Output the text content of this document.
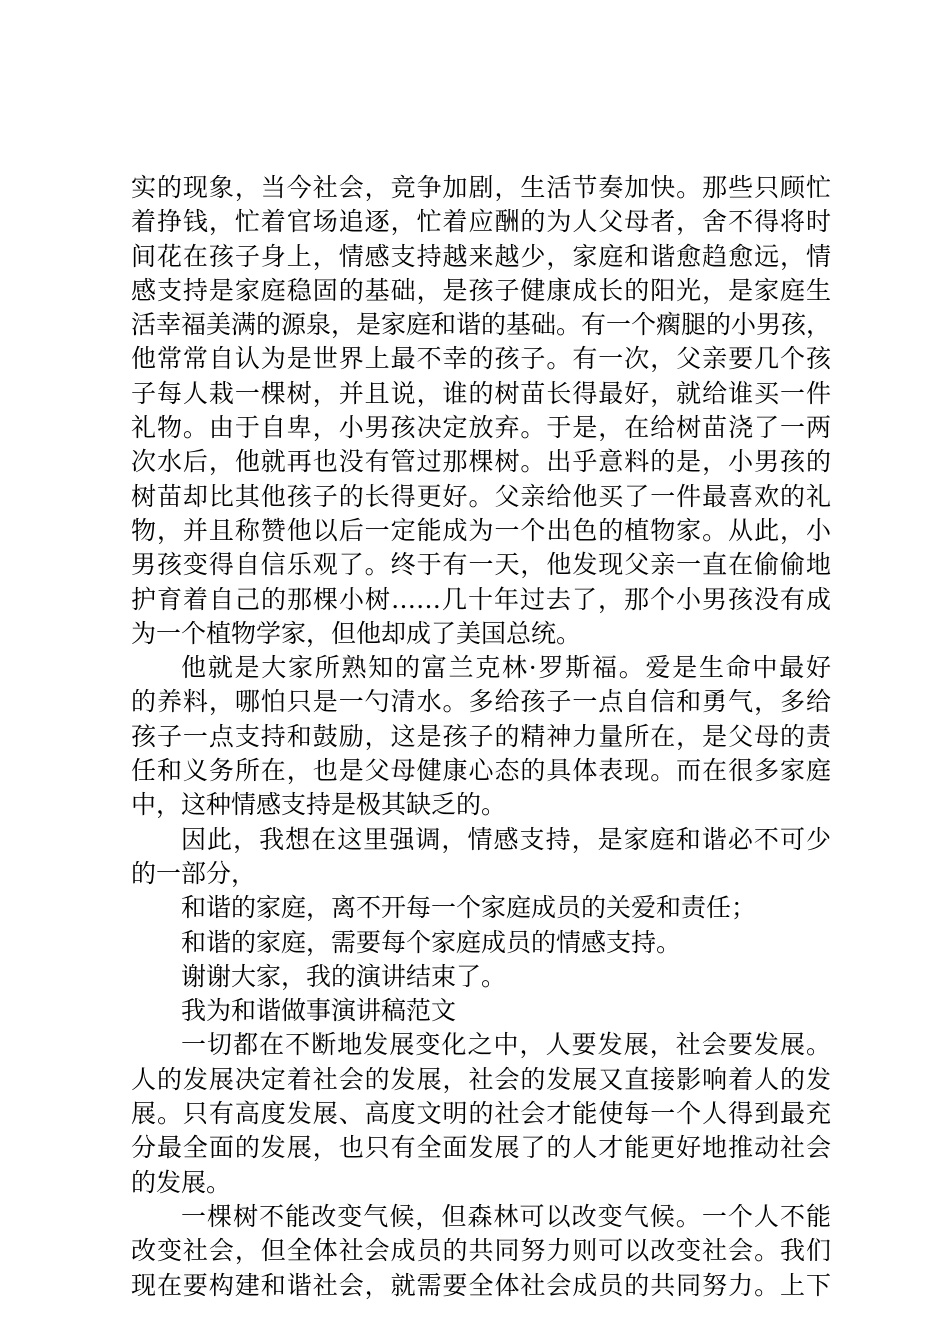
实的现象，当今社会，竞争加剧，生活节奏加快。那些只顾忙
着挣钱，忙着官场追逐，忙着应酬的为人父母者，舍不得将时
间花在孩子身上，情感支持越来越少，家庭和谐愈趋愈远，情
感支持是家庭稳固的基础，是孩子健康成长的阳光，是家庭生
活幸福美满的源泉，是家庭和谐的基础。有一个瘸腿的小男孩，
他常常自认为是世界上最不幸的孩子。有一次，父亲要几个孩
子每人栽一棵树，并且说，谁的树苗长得最好，就给谁买一件
礼物。由于自卑，小男孩决定放弃。于是，在给树苗浇了一两
次水后，他就再也没有管过那棵树。出乎意料的是，小男孩的
树苗却比其他孩子的长得更好。父亲给他买了一件最喜欢的礼
物，并且称赞他以后一定能成为一个出色的植物家。从此，小
男孩变得自信乐观了。终于有一天，他发现父亲一直在偷偷地
护育着自己的那棵小树……几十年过去了，那个小男孩没有成
为一个植物学家，但他却成了美国总统。
他就是大家所熟知的富兰克林·罗斯福。爱是生命中最好
的养料，哪怕只是一勺清水。多给孩子一点自信和勇气，多给
孩子一点支持和鼓励，这是孩子的精神力量所在，是父母的责
任和义务所在，也是父母健康心态的具体表现。而在很多家庭
中，这种情感支持是极其缺乏的。
因此，我想在这里强调，情感支持，是家庭和谐必不可少
的一部分，
和谐的家庭，离不开每一个家庭成员的关爱和责任；
和谐的家庭，需要每个家庭成员的情感支持。
谢谢大家，我的演讲结束了。
我为和谐做事演讲稿范文
一切都在不断地发展变化之中，人要发展，社会要发展。
人的发展决定着社会的发展，社会的发展又直接影响着人的发
展。只有高度发展、高度文明的社会才能使每一个人得到最充
分最全面的发展，也只有全面发展了的人才能更好地推动社会
的发展。
一棵树不能改变气候，但森林可以改变气候。一个人不能
改变社会，但全体社会成员的共同努力则可以改变社会。我们
现在要构建和谐社会，就需要全体社会成员的共同努力。上下
